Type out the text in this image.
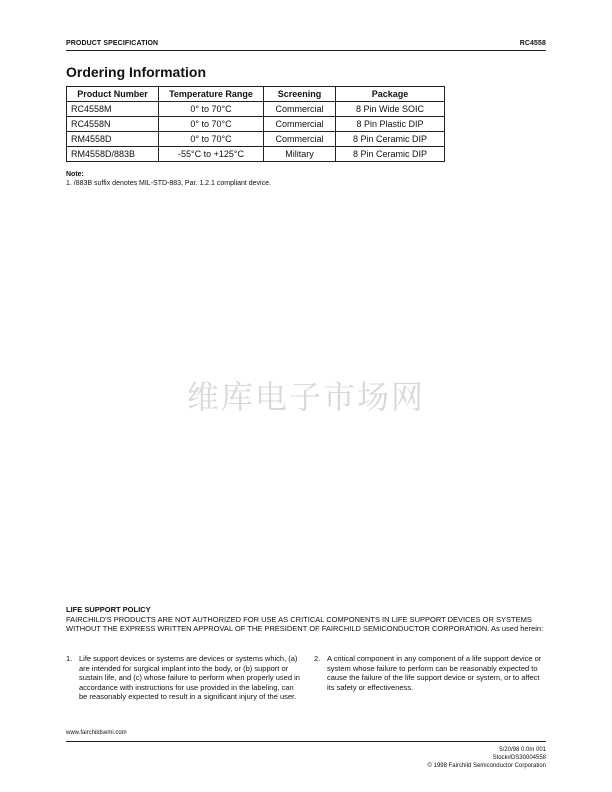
PRODUCT SPECIFICATION	RC4558
Ordering Information
Product Number	Temperature Range	Screening	Package
RC4558M	0° to 70°C	Commercial	8 Pin Wide SOIC
RC4558N	0° to 70°C	Commercial	8 Pin Plastic DIP
RM4558D	0° to 70°C	Commercial	8 Pin Ceramic DIP
RM4558D/883B	-55°C to +125°C	Military	8 Pin Ceramic DIP
Note:
1. /883B suffix denotes MIL-STD-883, Par. 1.2.1 compliant device.
维库电子市场网
LIFE SUPPORT POLICY
FAIRCHILD'S PRODUCTS ARE NOT AUTHORIZED FOR USE AS CRITICAL COMPONENTS IN LIFE SUPPORT DEVICES OR SYSTEMS WITHOUT THE EXPRESS WRITTEN APPROVAL OF THE PRESIDENT OF FAIRCHILD SEMICONDUCTOR CORPORATION. As used herein:
1. Life support devices or systems are devices or systems which, (a) are intended for surgical implant into the body, or (b) support or sustain life, and (c) whose failure to perform when properly used in accordance with instructions for use provided in the labeling, can be reasonably expected to result in a significant injury of the user.
2. A critical component in any component of a life support device or system whose failure to perform can be reasonably expected to cause the failure of the life support device or system, or to affect its safety or effectiveness.
www.fairchildsemi.com
5/20/98 0.0m 001
Stock#DS30004558
© 1998 Fairchild Semiconductor Corporation
